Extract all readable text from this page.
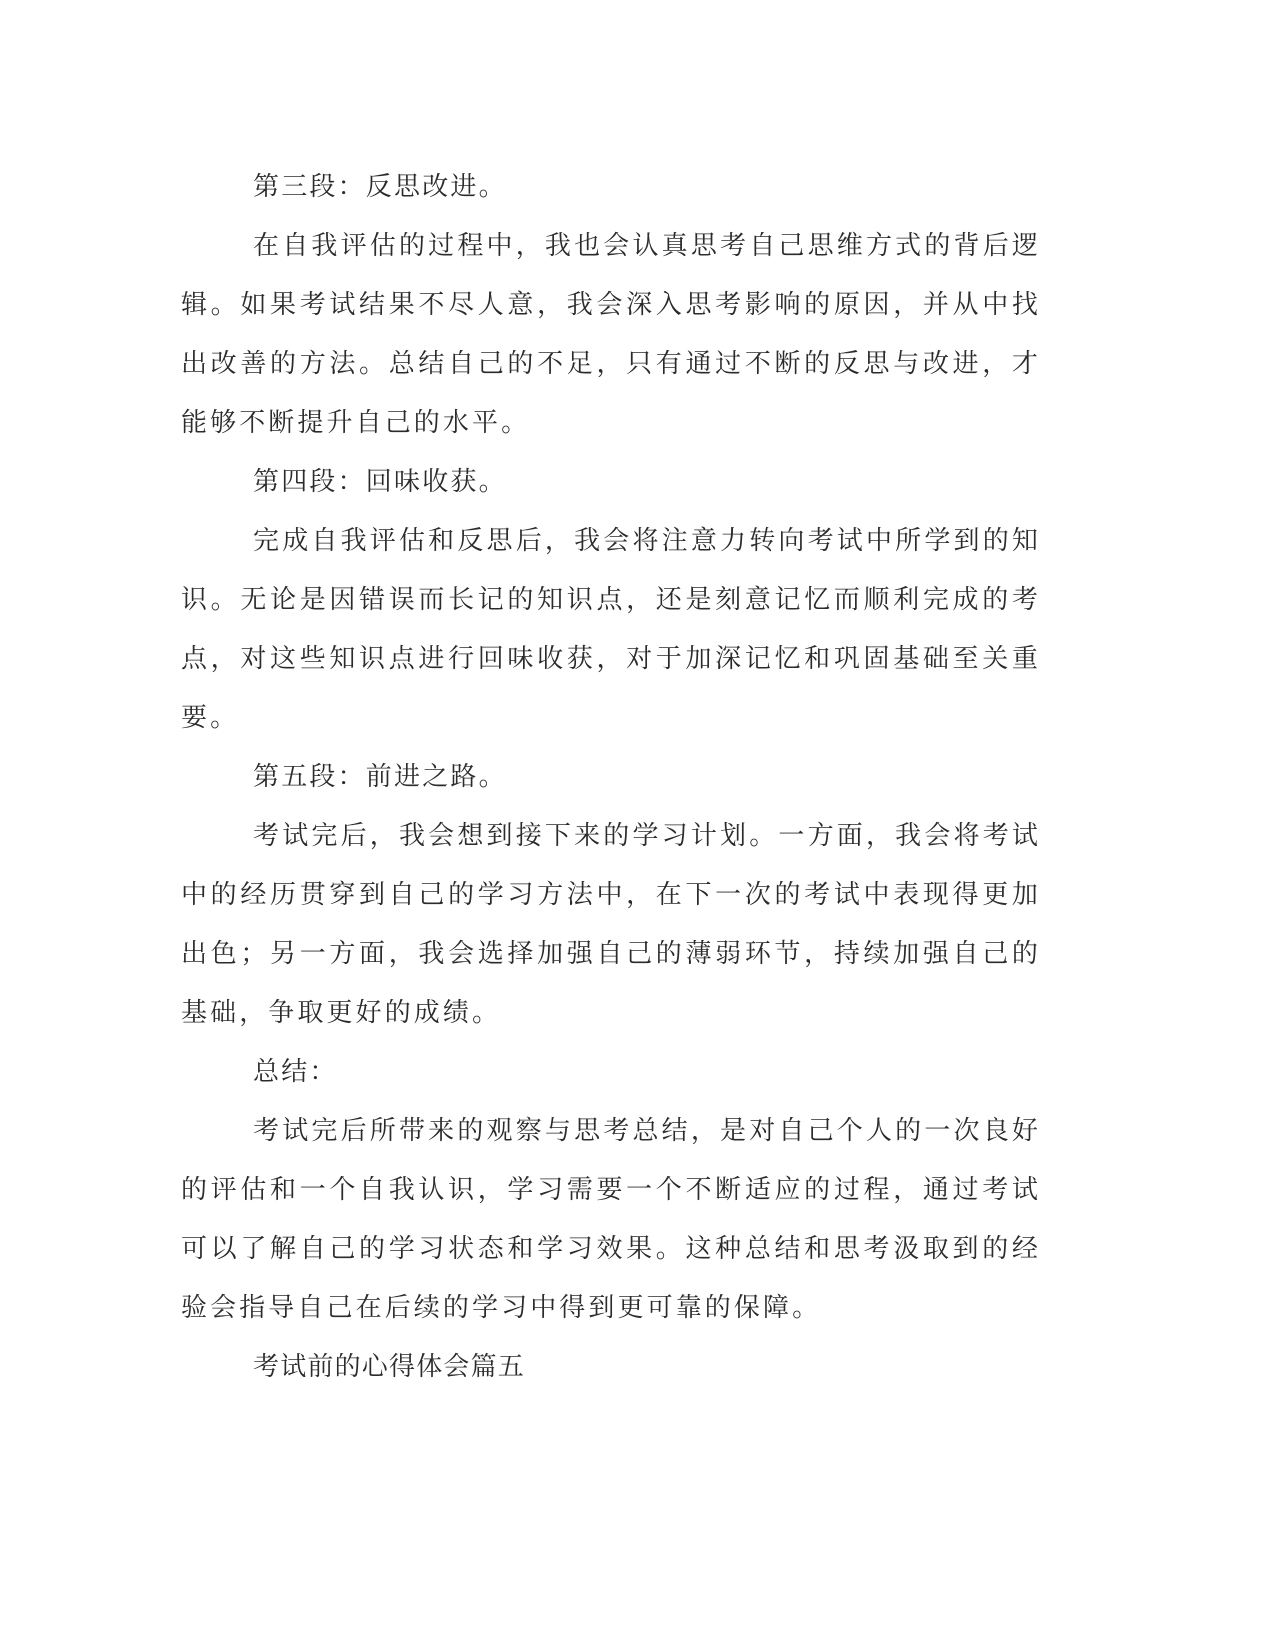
第三段：反思改进。

在自我评估的过程中，我也会认真思考自己思维方式的背后逻辑。如果考试结果不尽人意，我会深入思考影响的原因，并从中找出改善的方法。总结自己的不足，只有通过不断的反思与改进，才能够不断提升自己的水平。

第四段：回味收获。

完成自我评估和反思后，我会将注意力转向考试中所学到的知识。无论是因错误而长记的知识点，还是刻意记忆而顺利完成的考点，对这些知识点进行回味收获，对于加深记忆和巩固基础至关重要。

第五段：前进之路。

考试完后，我会想到接下来的学习计划。一方面，我会将考试中的经历贯穿到自己的学习方法中，在下一次的考试中表现得更加出色；另一方面，我会选择加强自己的薄弱环节，持续加强自己的基础，争取更好的成绩。

总结：

考试完后所带来的观察与思考总结，是对自己个人的一次良好的评估和一个自我认识，学习需要一个不断适应的过程，通过考试可以了解自己的学习状态和学习效果。这种总结和思考汲取到的经验会指导自己在后续的学习中得到更可靠的保障。

考试前的心得体会篇五
